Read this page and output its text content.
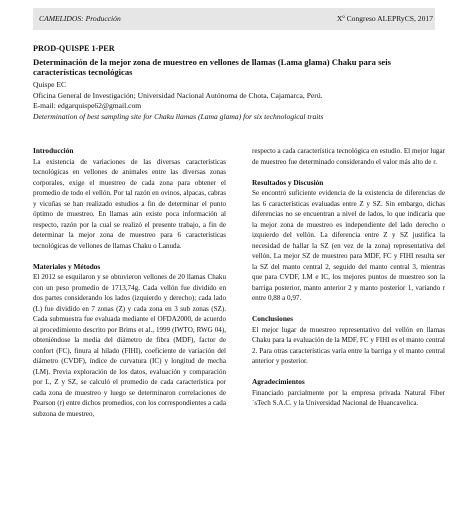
CAMELIDOS: Producción	Xº Congreso ALEPRyCS, 2017
PROD-QUISPE 1-PER
Determinación de la mejor zona de muestreo en vellones de llamas (Lama glama) Chaku para seis características tecnológicas
Quispe EC
Oficina General de Investigación; Universidad Nacional Autónoma de Chota, Cajamarca, Perú.
E-mail: edgarquispe62@gmail.com
Determination of best sampling site for Chaku llamas (Lama glama) for six technological traits
Introducción

La existencia de variaciones de las diversas características tecnológicas en vellones de animales entre las diversas zonas corporales, exige el muestreo de cada zona para obtener el promedio de todo el vellón. Por tal razón en ovinos, alpacas, cabras y vicuñas se han realizado estudios a fin de determinar el punto óptimo de muestreo. En llamas aún existe poca información al respecto, razón por la cual se realizó el presente trabajo, a fin de determinar la mejor zona de muestreo para 6 características tecnológicas de vellones de llamas Chaku o Lanuda.

Materiales y Métodos

El 2012 se esquilaron y se obtuvieron vellones de 20 llamas Chaku con un peso promedio de 1713,74g. Cada vellón fue dividido en dos partes considerando los lados (izquierdo y derecho); cada lado (L) fue dividido en 7 zonas (Z) y cada zona en 3 sub zonas (SZ). Cada submuestra fue evaluada mediante el OFDA2000, de acuerdo al procedimiento descrito por Brims et al., 1999 (IWTO, RWG 04), obteniéndose la media del diámetro de fibra (MDF), factor de confort (FC), finura al hilado (FIHI), coeficiente de variación del diámetro (CVDF), índice de curvatura (IC) y longitud de mecha (LM). Previa exploración de los datos, evaluación y comparación por L, Z y SZ, se calculó el promedio de cada característica por cada zona de muestreo y luego se determinaron correlaciones de Pearson (r) entre dichos promedios, con los correspondientes a cada subzona de muestreo,

respecto a cada característica tecnológica en estudio. El mejor lugar de muestreo fue determinado considerando el valor más alto de r.

Resultados y Discusión

Se encontró suficiente evidencia de la existencia de diferencias de las 6 características evaluadas entre Z y SZ. Sin embargo, dichas diferencias no se encuentran a nivel de lados, lo que indicaría que la mejor zona de muestreo es independiente del lado derecho o izquierdo del vellón. La diferencia entre Z y SZ justifica la necesidad de hallar la SZ (en vez de la zona) representativa del vellón. La mejor SZ de muestreo para MDF, FC y FIHI resulta ser la SZ del manto central 2, seguido del manto central 3, mientras que para CVDF, LM e IC, los mejores puntos de muestreo son la barriga posterior, manto anterior 2 y manto posterior 1, variando r entre 0,88 a 0,97.

Conclusiones

El mejor lugar de muestreo representativo del vellón en llamas Chaku para la evaluación de la MDF, FC y FIHI es el manto central 2. Para otras características varía entre la barriga y el manto central anterior y posterior.

Agradecimientos

Financiado parcialmente por la empresa privada Natural Fiber´sTech S.A.C. y la Universidad Nacional de Huancavelica.
